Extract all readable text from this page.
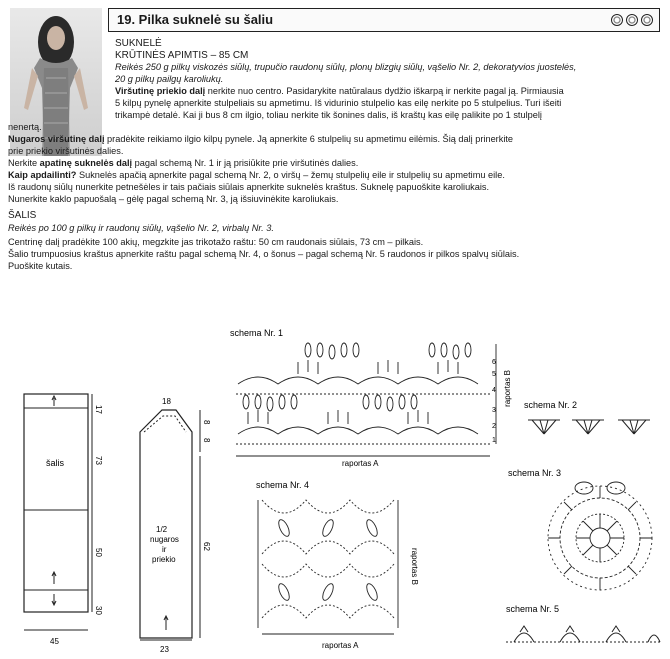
19. Pilka suknelė su šaliu
SUKNELĖ
KRŪTINĖS APIMTIS – 85 CM
Reikės 250 g pilkų viskozės siūlų, trupučio raudonų siūlų, plonų blizgių siūlų, vąšelio Nr. 2, dekoratyvios juostelės,
20 g pilkų pailgų karoliukų.
Viršutinę priekio dalį nerkite nuo centro. Pasidarykite natūralaus dydžio iškarpą ir nerkite pagal ją. Pirmiausia
5 kilpų pynelę apnerkite stulpeliais su apmetimu. Iš vidurinio stulpelio kas eilę nerkite po 5 stulpelius. Turi išeiti
trikampė detalė. Kai ji bus 8 cm ilgio, toliau nerkite tik šonines dalis, iš kraštų kas eilę palikite po 1 stulpelį
nenertą.
Nugaros viršutinę dalį pradėkite reikiamo ilgio kilpų pynele. Ją apnerkite 6 stulpelių su apmetimu eilėmis. Šią dalį prinerkite
prie priekio viršutinės dalies.
Nerkite apatinę suknelės dalį pagal schemą Nr. 1 ir ją prisiūkite prie viršutinės dalies.
Kaip apdailinti? Suknelės apačią apnerkite pagal schemą Nr. 2, o viršų – žemų stulpelių eile ir stulpelių su apmetimu eile.
Iš raudonų siūlų nunerkite petnešėles ir tais pačiais siūlais apnerkite suknelės kraštus. Suknelę papuoškite karoliukais.
Nunerkite kaklo papuošalą – gėlę pagal schemą Nr. 3, ją išsiuvinėkite karoliukais.
ŠALIS
Reikės po 100 g pilkų ir raudonų siūlų, vąšelio Nr. 2, virbalų Nr. 3.
Centrinę dalį pradėkite 100 akių, megzkite jas trikotažo raštu: 50 cm raudonais siūlais, 73 cm – pilkais.
Šalio trumpuosius kraštus apnerkite raštu pagal schemą Nr. 4, o šonus – pagal schemą Nr. 5 raudonos ir pilkos spalvų siūlais.
Puoškite kutais.
šalis
17
73
50
30
45
18
8
8
1/2
nugaros
ir
priekio
62
23
schema Nr. 1
6
5
4
3
2
1
raportas A
raportas B schema Nr. 2
schema Nr. 3
schema Nr. 4
raportas A
raportas B
schema Nr. 5
